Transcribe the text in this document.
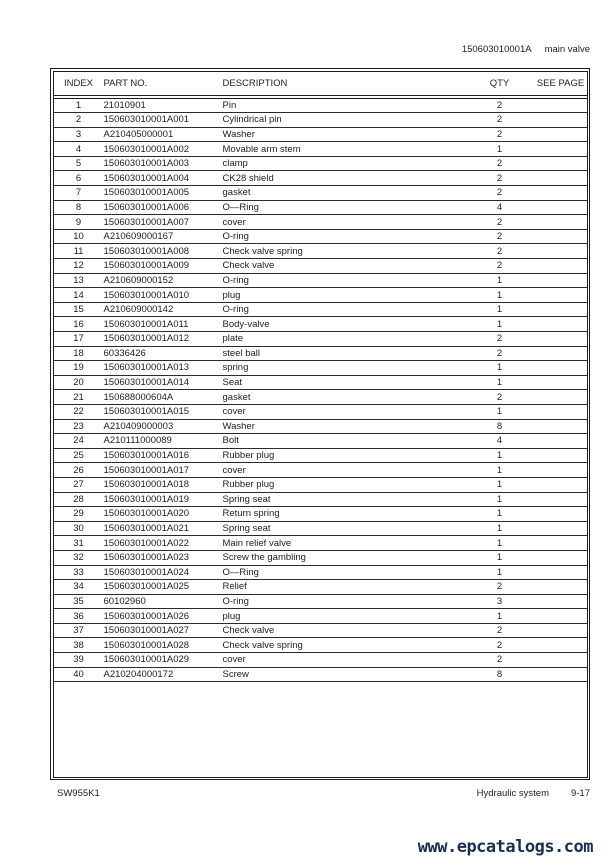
150603010001A main valve
INDEX	PART NO.	DESCRIPTION	QTY	SEE PAGE
1	21010901	Pin	2
2	150603010001A001	Cylindrical pin	2
3	A210405000001	Washer	2
4	150603010001A002	Movable arm stem	1
5	150603010001A003	clamp	2
6	150603010001A004	CK28 shield	2
7	150603010001A005	gasket	2
8	150603010001A006	O—Ring	4
9	150603010001A007	cover	2
10	A210609000167	O-ring	2
11	150603010001A008	Check valve spring	2
12	150603010001A009	Check valve	2
13	A210609000152	O-ring	1
14	150603010001A010	plug	1
15	A210609000142	O-ring	1
16	150603010001A011	Body-valve	1
17	150603010001A012	plate	2
18	60336426	steel ball	2
19	150603010001A013	spring	1
20	150603010001A014	Seat	1
21	150688000604A	gasket	2
22	150603010001A015	cover	1
23	A210409000003	Washer	8
24	A210111000089	Bolt	4
25	150603010001A016	Rubber plug	1
26	150603010001A017	cover	1
27	150603010001A018	Rubber plug	1
28	150603010001A019	Spring seat	1
29	150603010001A020	Return spring	1
30	150603010001A021	Spring seat	1
31	150603010001A022	Main relief valve	1
32	150603010001A023	Screw the gambling	1
33	150603010001A024	O—Ring	1
34	150603010001A025	Relief	2
35	60102960	O-ring	3
36	150603010001A026	plug	1
37	150603010001A027	Check valve	2
38	150603010001A028	Check valve spring	2
39	150603010001A029	cover	2
40	A210204000172	Screw	8
SW955K1	Hydraulic system 9-17
www.epcatalogs.com
